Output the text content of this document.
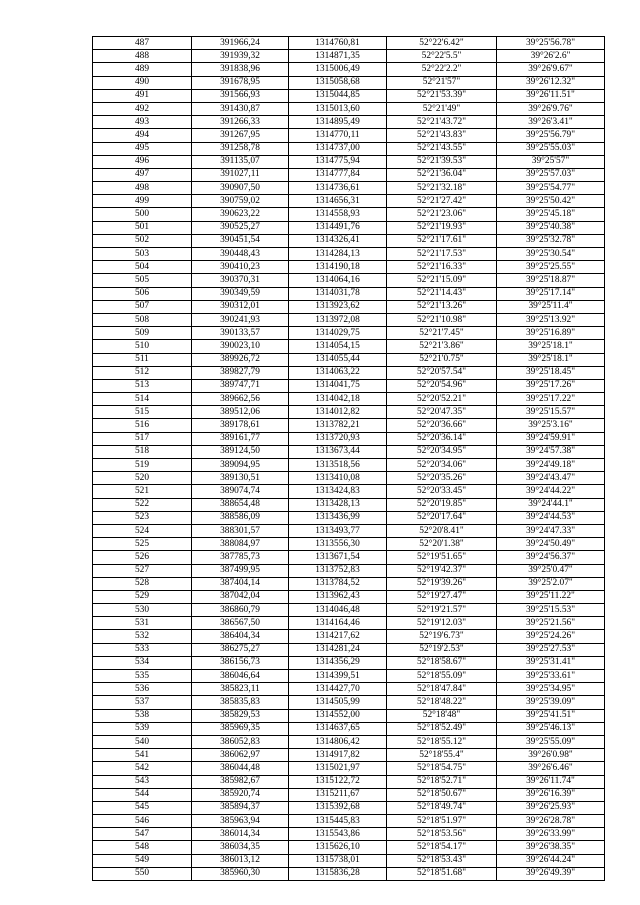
487	391966,24	1314760,81	52°22'6.42"	39°25'56.78"
488	391939,32	1314871,35	52°22'5.5"	39°26'2.6"
489	391838,96	1315006,49	52°22'2.2"	39°26'9.67"
490	391678,95	1315058,68	52°21'57"	39°26'12.32"
491	391566,93	1315044,85	52°21'53.39"	39°26'11.51"
492	391430,87	1315013,60	52°21'49"	39°26'9.76"
493	391266,33	1314895,49	52°21'43.72"	39°26'3.41"
494	391267,95	1314770,11	52°21'43.83"	39°25'56.79"
495	391258,78	1314737,00	52°21'43.55"	39°25'55.03"
496	391135,07	1314775,94	52°21'39.53"	39°25'57"
497	391027,11	1314777,84	52°21'36.04"	39°25'57.03"
498	390907,50	1314736,61	52°21'32.18"	39°25'54.77"
499	390759,02	1314656,31	52°21'27.42"	39°25'50.42"
500	390623,22	1314558,93	52°21'23.06"	39°25'45.18"
501	390525,27	1314491,76	52°21'19.93"	39°25'40.38"
502	390451,54	1314326,41	52°21'17.61"	39°25'32.78"
503	390448,43	1314284,13	52°21'17.53"	39°25'30.54"
504	390410,23	1314190,18	52°21'16.33"	39°25'25.55"
505	390370,31	1314064,16	52°21'15.09"	39°25'18.87"
506	390349,59	1314031,78	52°21'14.43"	39°25'17.14"
507	390312,01	1313923,62	52°21'13.26"	39°25'11.4"
508	390241,93	1313972,08	52°21'10.98"	39°25'13.92"
509	390133,57	1314029,75	52°21'7.45"	39°25'16.89"
510	390023,10	1314054,15	52°21'3.86"	39°25'18.1"
511	389926,72	1314055,44	52°21'0.75"	39°25'18.1"
512	389827,79	1314063,22	52°20'57.54"	39°25'18.45"
513	389747,71	1314041,75	52°20'54.96"	39°25'17.26"
514	389662,56	1314042,18	52°20'52.21"	39°25'17.22"
515	389512,06	1314012,82	52°20'47.35"	39°25'15.57"
516	389178,61	1313782,21	52°20'36.66"	39°25'3.16"
517	389161,77	1313720,93	52°20'36.14"	39°24'59.91"
518	389124,50	1313673,44	52°20'34.95"	39°24'57.38"
519	389094,95	1313518,56	52°20'34.06"	39°24'49.18"
520	389130,51	1313410,08	52°20'35.26"	39°24'43.47"
521	389074,74	1313424,83	52°20'33.45"	39°24'44.22"
522	388654,48	1313428,13	52°20'19.85"	39°24'44.1"
523	388586,09	1313436,99	52°20'17.64"	39°24'44.53"
524	388301,57	1313493,77	52°20'8.41"	39°24'47.33"
525	388084,97	1313556,30	52°20'1.38"	39°24'50.49"
526	387785,73	1313671,54	52°19'51.65"	39°24'56.37"
527	387499,95	1313752,83	52°19'42.37"	39°25'0.47"
528	387404,14	1313784,52	52°19'39.26"	39°25'2.07"
529	387042,04	1313962,43	52°19'27.47"	39°25'11.22"
530	386860,79	1314046,48	52°19'21.57"	39°25'15.53"
531	386567,50	1314164,46	52°19'12.03"	39°25'21.56"
532	386404,34	1314217,62	52°19'6.73"	39°25'24.26"
533	386275,27	1314281,24	52°19'2.53"	39°25'27.53"
534	386156,73	1314356,29	52°18'58.67"	39°25'31.41"
535	386046,64	1314399,51	52°18'55.09"	39°25'33.61"
536	385823,11	1314427,70	52°18'47.84"	39°25'34.95"
537	385835,83	1314505,99	52°18'48.22"	39°25'39.09"
538	385829,53	1314552,00	52°18'48"	39°25'41.51"
539	385969,35	1314637,65	52°18'52.49"	39°25'46.13"
540	386052,83	1314806,42	52°18'55.12"	39°25'55.09"
541	386062,97	1314917,82	52°18'55.4"	39°26'0.98"
542	386044,48	1315021,97	52°18'54.75"	39°26'6.46"
543	385982,67	1315122,72	52°18'52.71"	39°26'11.74"
544	385920,74	1315211,67	52°18'50.67"	39°26'16.39"
545	385894,37	1315392,68	52°18'49.74"	39°26'25.93"
546	385963,94	1315445,83	52°18'51.97"	39°26'28.78"
547	386014,34	1315543,86	52°18'53.56"	39°26'33.99"
548	386034,35	1315626,10	52°18'54.17"	39°26'38.35"
549	386013,12	1315738,01	52°18'53.43"	39°26'44.24"
550	385960,30	1315836,28	52°18'51.68"	39°26'49.39"
